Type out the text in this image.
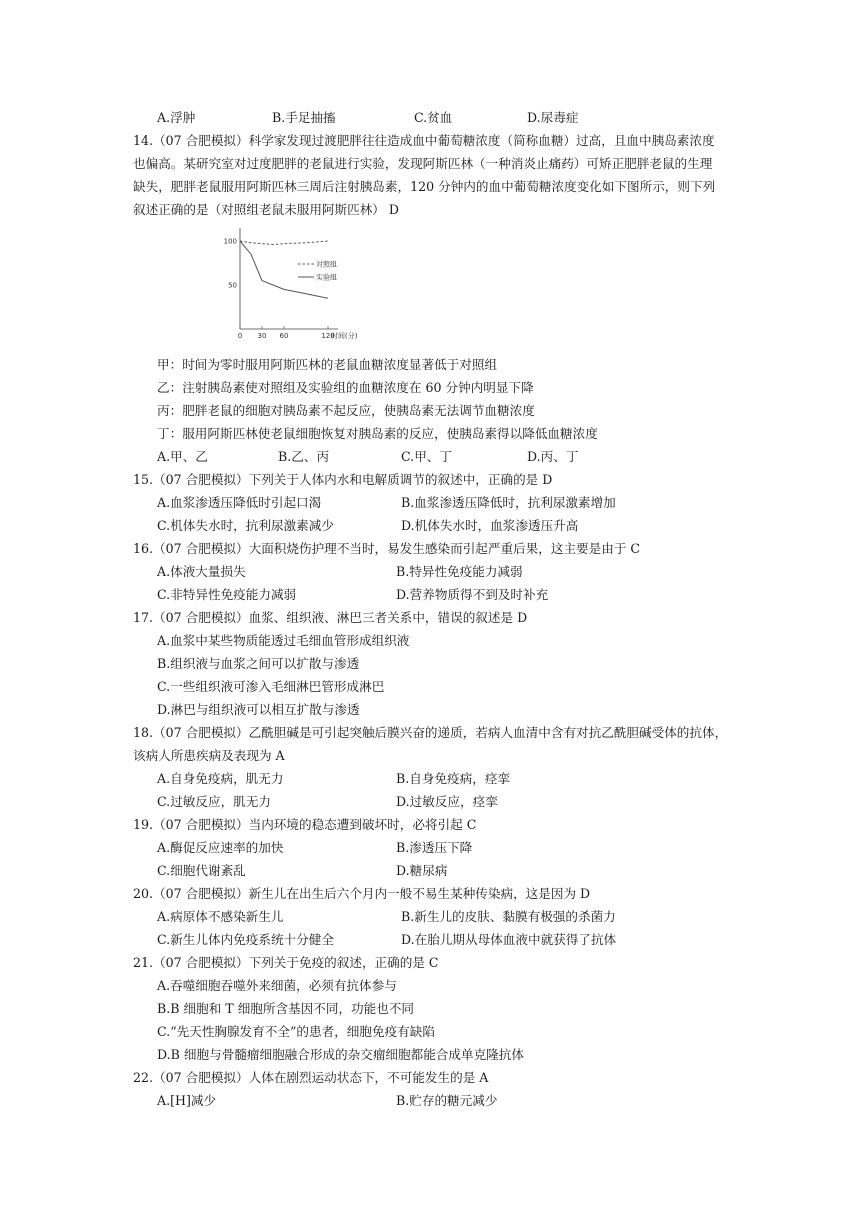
A.浮肿	B.手足抽搐	C.贫血	D.尿毒症
14.（07 合肥模拟）科学家发现过渡肥胖往往造成血中葡萄糖浓度（简称血糖）过高，且血中胰岛素浓度
也偏高。某研究室对过度肥胖的老鼠进行实验，发现阿斯匹林（一种消炎止痛药）可矫正肥胖老鼠的生理
缺失，肥胖老鼠服用阿斯匹林三周后注射胰岛素，120 分钟内的血中葡萄糖浓度变化如下图所示，则下列
叙述正确的是（对照组老鼠未服用阿斯匹林） D
0 30 60	120
100
50
时间(分)
对照组
实验组
甲：时间为零时服用阿斯匹林的老鼠血糖浓度显著低于对照组
乙：注射胰岛素使对照组及实验组的血糖浓度在 60 分钟内明显下降
丙：肥胖老鼠的细胞对胰岛素不起反应，使胰岛素无法调节血糖浓度
丁：服用阿斯匹林使老鼠细胞恢复对胰岛素的反应，使胰岛素得以降低血糖浓度
A.甲、乙	B.乙、丙	C.甲、丁	D.丙、丁
15.（07 合肥模拟）下列关于人体内水和电解质调节的叙述中，正确的是 D
A.血浆渗透压降低时引起口渴	B.血浆渗透压降低时，抗利尿激素增加
C.机体失水时，抗利尿激素减少	D.机体失水时，血浆渗透压升高
16.（07 合肥模拟）大面积烧伤护理不当时，易发生感染而引起严重后果，这主要是由于 C
A.体液大量损失	B.特异性免疫能力减弱
C.非特异性免疫能力减弱	D.营养物质得不到及时补充
17.（07 合肥模拟）血浆、组织液、淋巴三者关系中，错误的叙述是 D
A.血浆中某些物质能透过毛细血管形成组织液
B.组织液与血浆之间可以扩散与渗透
C.一些组织液可渗入毛细淋巴管形成淋巴
D.淋巴与组织液可以相互扩散与渗透
18.（07 合肥模拟）乙酰胆碱是可引起突触后膜兴奋的递质，若病人血清中含有对抗乙酰胆碱受体的抗体，
该病人所患疾病及表现为 A
A.自身免疫病，肌无力	B.自身免疫病，痉挛
C.过敏反应，肌无力	D.过敏反应，痉挛
19.（07 合肥模拟）当内环境的稳态遭到破坏时，必将引起 C
A.酶促反应速率的加快	B.渗透压下降
C.细胞代谢紊乱	D.糖尿病
20.（07 合肥模拟）新生儿在出生后六个月内一般不易生某种传染病，这是因为 D
A.病原体不感染新生儿	B.新生儿的皮肤、黏膜有极强的杀菌力
C.新生儿体内免疫系统十分健全	D.在胎儿期从母体血液中就获得了抗体
21.（07 合肥模拟）下列关于免疫的叙述，正确的是 C
A.吞噬细胞吞噬外来细菌，必须有抗体参与
B.B 细胞和 T 细胞所含基因不同，功能也不同
C.“先天性胸腺发育不全”的患者，细胞免疫有缺陷
D.B 细胞与骨髓瘤细胞融合形成的杂交瘤细胞都能合成单克隆抗体
22.（07 合肥模拟）人体在剧烈运动状态下，不可能发生的是 A
A.[H]减少	B.贮存的糖元减少
